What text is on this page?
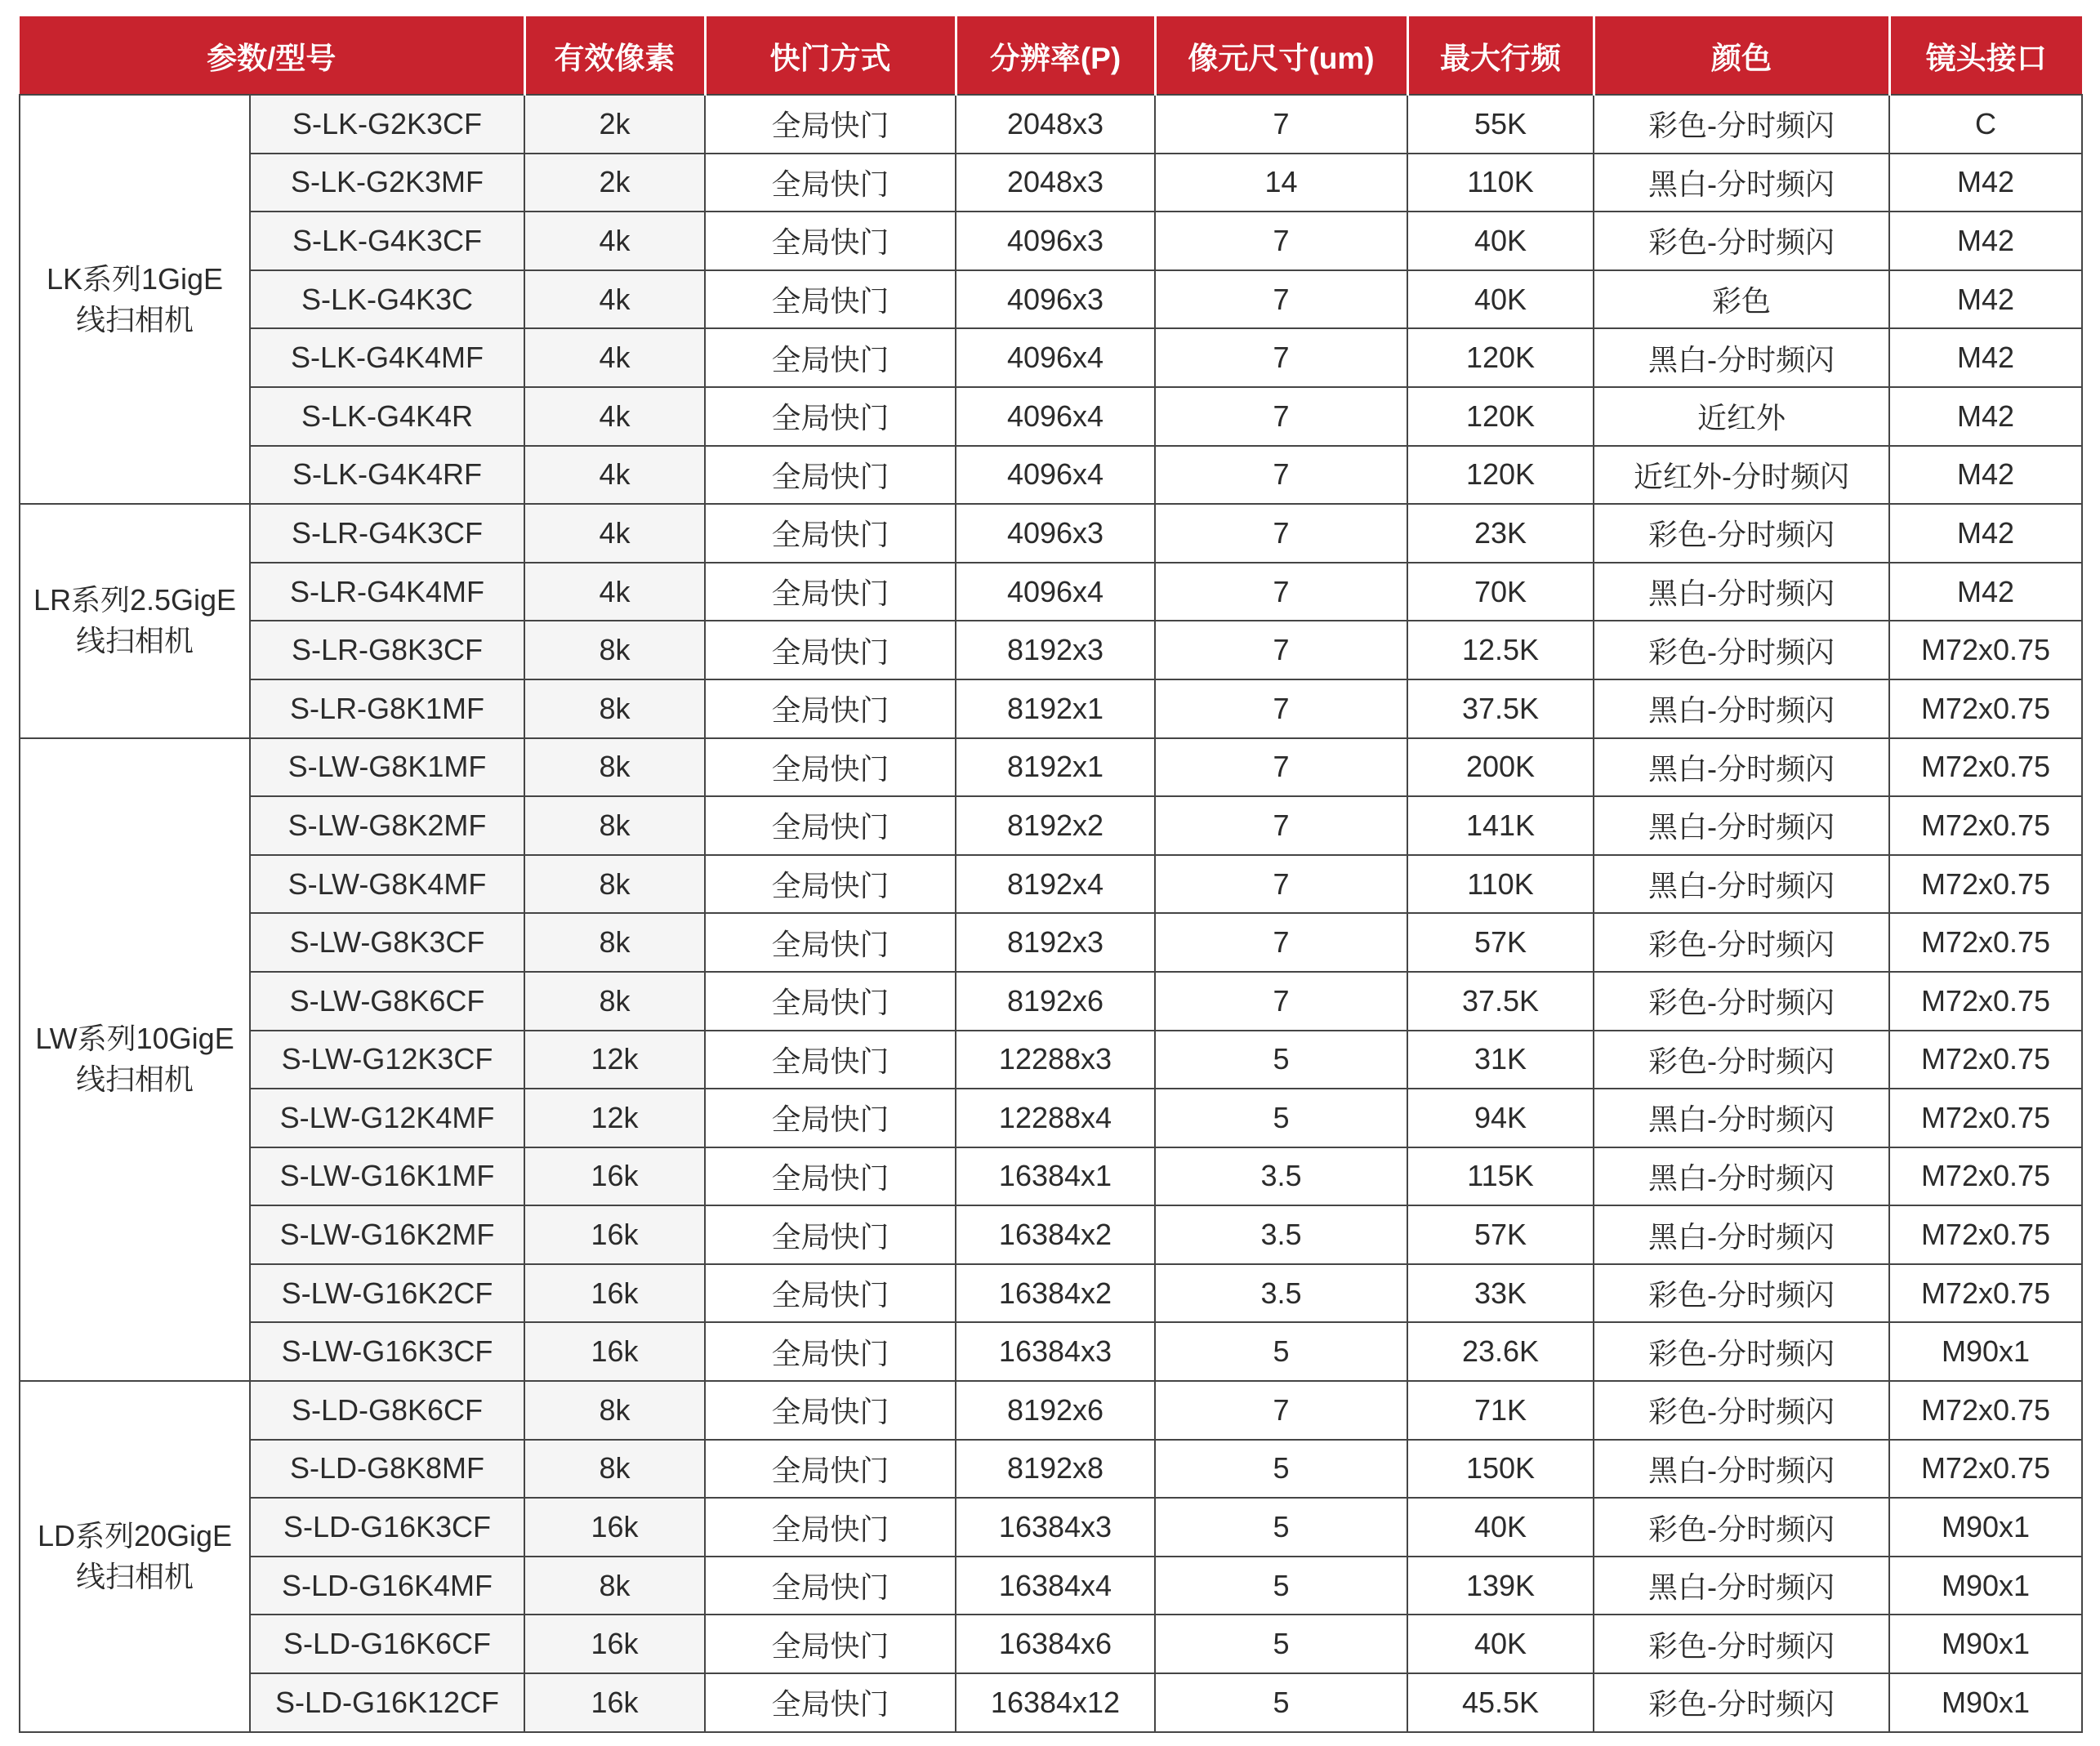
参数/型号		有效像素	快门方式	分辨率(P)	像元尺寸(um)	最大行频	颜色	镜头接口

LK系列1GigE
线扫相机	S-LK-G2K3CF	2k	全局快门	2048x3	7	55K	彩色-分时频闪	C
	S-LK-G2K3MF	2k	全局快门	2048x3	14	110K	黑白-分时频闪	M42
	S-LK-G4K3CF	4k	全局快门	4096x3	7	40K	彩色-分时频闪	M42
	S-LK-G4K3C	4k	全局快门	4096x3	7	40K	彩色	M42
	S-LK-G4K4MF	4k	全局快门	4096x4	7	120K	黑白-分时频闪	M42
	S-LK-G4K4R	4k	全局快门	4096x4	7	120K	近红外	M42
	S-LK-G4K4RF	4k	全局快门	4096x4	7	120K	近红外-分时频闪	M42

LR系列2.5GigE
线扫相机	S-LR-G4K3CF	4k	全局快门	4096x3	7	23K	彩色-分时频闪	M42
	S-LR-G4K4MF	4k	全局快门	4096x4	7	70K	黑白-分时频闪	M42
	S-LR-G8K3CF	8k	全局快门	8192x3	7	12.5K	彩色-分时频闪	M72x0.75
	S-LR-G8K1MF	8k	全局快门	8192x1	7	37.5K	黑白-分时频闪	M72x0.75

LW系列10GigE
线扫相机	S-LW-G8K1MF	8k	全局快门	8192x1	7	200K	黑白-分时频闪	M72x0.75
	S-LW-G8K2MF	8k	全局快门	8192x2	7	141K	黑白-分时频闪	M72x0.75
	S-LW-G8K4MF	8k	全局快门	8192x4	7	110K	黑白-分时频闪	M72x0.75
	S-LW-G8K3CF	8k	全局快门	8192x3	7	57K	彩色-分时频闪	M72x0.75
	S-LW-G8K6CF	8k	全局快门	8192x6	7	37.5K	彩色-分时频闪	M72x0.75
	S-LW-G12K3CF	12k	全局快门	12288x3	5	31K	彩色-分时频闪	M72x0.75
	S-LW-G12K4MF	12k	全局快门	12288x4	5	94K	黑白-分时频闪	M72x0.75
	S-LW-G16K1MF	16k	全局快门	16384x1	3.5	115K	黑白-分时频闪	M72x0.75
	S-LW-G16K2MF	16k	全局快门	16384x2	3.5	57K	黑白-分时频闪	M72x0.75
	S-LW-G16K2CF	16k	全局快门	16384x2	3.5	33K	彩色-分时频闪	M72x0.75
	S-LW-G16K3CF	16k	全局快门	16384x3	5	23.6K	彩色-分时频闪	M90x1

LD系列20GigE
线扫相机	S-LD-G8K6CF	8k	全局快门	8192x6	7	71K	彩色-分时频闪	M72x0.75
	S-LD-G8K8MF	8k	全局快门	8192x8	5	150K	黑白-分时频闪	M72x0.75
	S-LD-G16K3CF	16k	全局快门	16384x3	5	40K	彩色-分时频闪	M90x1
	S-LD-G16K4MF	8k	全局快门	16384x4	5	139K	黑白-分时频闪	M90x1
	S-LD-G16K6CF	16k	全局快门	16384x6	5	40K	彩色-分时频闪	M90x1
	S-LD-G16K12CF	16k	全局快门	16384x12	5	45.5K	彩色-分时频闪	M90x1
